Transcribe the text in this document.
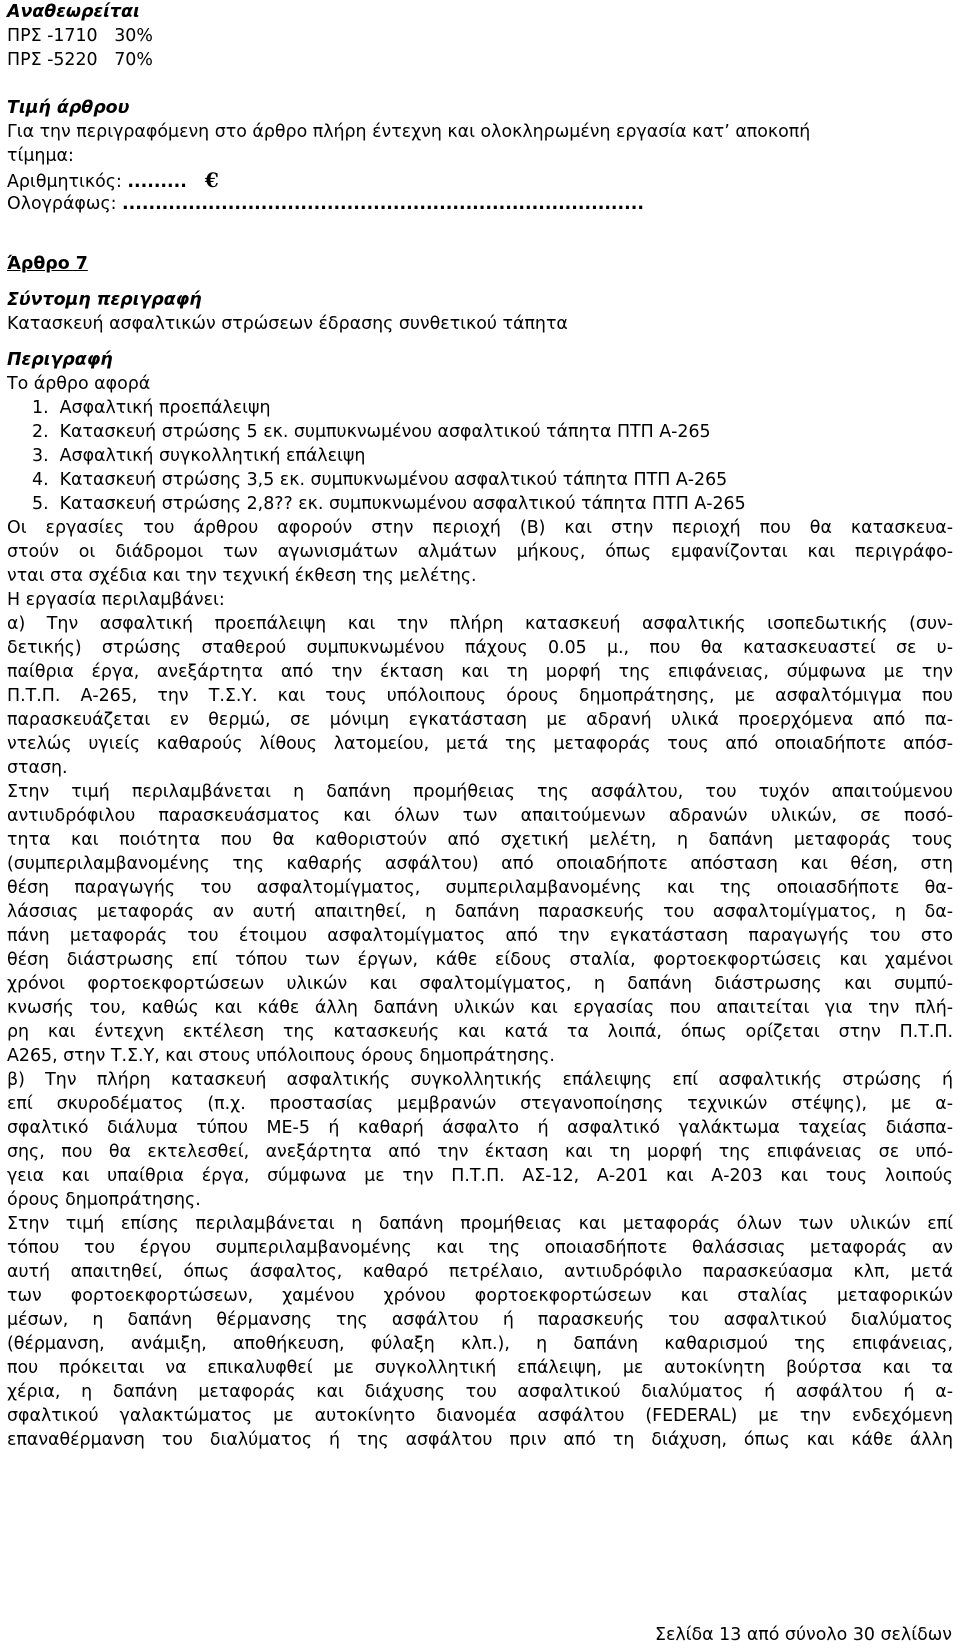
Αναθεωρείται
ΠΡΣ -1710   30%
ΠΡΣ -5220   70%
Τιμή άρθρου
Για την περιγραφόμενη στο άρθρο πλήρη έντεχνη και ολοκληρωμένη εργασία κατ’ αποκοπή
τίμημα:
Αριθμητικός: ......... €
Ολογράφως: ...............................................................................
Άρθρο 7
Σύντομη περιγραφή
Κατασκευή ασφαλτικών στρώσεων έδρασης συνθετικού τάπητα
Περιγραφή
Το άρθρο αφορά
1.  Ασφαλτική προεπάλειψη
2.  Κατασκευή στρώσης 5 εκ. συμπυκνωμένου ασφαλτικού τάπητα ΠΤΠ Α-265
3.  Ασφαλτική συγκολλητική επάλειψη
4.  Κατασκευή στρώσης 3,5 εκ. συμπυκνωμένου ασφαλτικού τάπητα ΠΤΠ Α-265
5.  Κατασκευή στρώσης 2,8?? εκ. συμπυκνωμένου ασφαλτικού τάπητα ΠΤΠ Α-265
Οι εργασίες του άρθρου αφορούν στην περιοχή (Β) και στην περιοχή που θα κατασκευα-
στούν οι διάδρομοι των αγωνισμάτων αλμάτων μήκους, όπως εμφανίζονται και περιγράφο-
νται στα σχέδια και την τεχνική έκθεση της μελέτης.
Η εργασία περιλαμβάνει:
α) Την ασφαλτική προεπάλειψη και την πλήρη κατασκευή ασφαλτικής ισοπεδωτικής (συν-
δετικής) στρώσης σταθερού συμπυκνωμένου πάχους 0.05 μ., που θα κατασκευαστεί σε υ-
παίθρια έργα, ανεξάρτητα από την έκταση και τη μορφή της επιφάνειας, σύμφωνα με την
Π.Τ.Π. Α-265, την Τ.Σ.Υ. και τους υπόλοιπους όρους δημοπράτησης, με ασφαλτόμιγμα που
παρασκευάζεται εν θερμώ, σε μόνιμη εγκατάσταση με αδρανή υλικά προερχόμενα από πα-
ντελώς υγιείς καθαρούς λίθους λατομείου, μετά της μεταφοράς τους από οποιαδήποτε απόσ-
σταση.
Στην τιμή περιλαμβάνεται η δαπάνη προμήθειας της ασφάλτου, του τυχόν απαιτούμενου
αντιυδρόφιλου παρασκευάσματος και όλων των απαιτούμενων αδρανών υλικών, σε ποσό-
τητα και ποιότητα που θα καθοριστούν από σχετική μελέτη, η δαπάνη μεταφοράς τους
(συμπεριλαμβανομένης της καθαρής ασφάλτου) από οποιαδήποτε απόσταση και θέση, στη
θέση παραγωγής του ασφαλτομίγματος, συμπεριλαμβανομένης και της οποιασδήποτε θα-
λάσσιας μεταφοράς αν αυτή απαιτηθεί, η δαπάνη παρασκευής του ασφαλτομίγματος, η δα-
πάνη μεταφοράς του έτοιμου ασφαλτομίγματος από την εγκατάσταση παραγωγής του στο
θέση διάστρωσης επί τόπου των έργων, κάθε είδους σταλία, φορτοεκφορτώσεις και χαμένοι
χρόνοι φορτοεκφορτώσεων υλικών και σφαλτομίγματος, η δαπάνη διάστρωσης και συμπύ-
κνωσής του, καθώς και κάθε άλλη δαπάνη υλικών και εργασίας που απαιτείται για την πλή-
ρη και έντεχνη εκτέλεση της κατασκευής και κατά τα λοιπά, όπως ορίζεται στην Π.Τ.Π.
Α265, στην Τ.Σ.Υ, και στους υπόλοιπους όρους δημοπράτησης.
β) Την πλήρη κατασκευή ασφαλτικής συγκολλητικής επάλειψης επί ασφαλτικής στρώσης ή
επί σκυροδέματος (π.χ. προστασίας μεμβρανών στεγανοποίησης τεχνικών στέψης), με α-
σφαλτικό διάλυμα τύπου ΜΕ-5 ή καθαρή άσφαλτο ή ασφαλτικό γαλάκτωμα ταχείας διάσπα-
σης, που θα εκτελεσθεί, ανεξάρτητα από την έκταση και τη μορφή της επιφάνειας σε υπό-
γεια και υπαίθρια έργα, σύμφωνα με την Π.Τ.Π. ΑΣ-12, Α-201 και Α-203 και τους λοιπούς
όρους δημοπράτησης.
Στην τιμή επίσης περιλαμβάνεται η δαπάνη προμήθειας και μεταφοράς όλων των υλικών επί
τόπου του έργου συμπεριλαμβανομένης και της οποιασδήποτε θαλάσσιας μεταφοράς αν
αυτή απαιτηθεί, όπως άσφαλτος, καθαρό πετρέλαιο, αντιυδρόφιλο παρασκεύασμα κλπ, μετά
των φορτοεκφορτώσεων, χαμένου χρόνου φορτοεκφορτώσεων και σταλίας μεταφορικών
μέσων, η δαπάνη θέρμανσης της ασφάλτου ή παρασκευής του ασφαλτικού διαλύματος
(θέρμανση, ανάμιξη, αποθήκευση, φύλαξη κλπ.), η δαπάνη καθαρισμού της επιφάνειας,
που πρόκειται να επικαλυφθεί με συγκολλητική επάλειψη, με αυτοκίνητη βούρτσα και τα
χέρια, η δαπάνη μεταφοράς και διάχυσης του ασφαλτικού διαλύματος ή ασφάλτου ή α-
σφαλτικού γαλακτώματος με αυτοκίνητο διανομέα ασφάλτου (FEDERAL) με την ενδεχόμενη
επαναθέρμανση του διαλύματος ή της ασφάλτου πριν από τη διάχυση, όπως και κάθε άλλη
Σελίδα 13 από σύνολο 30 σελίδων
